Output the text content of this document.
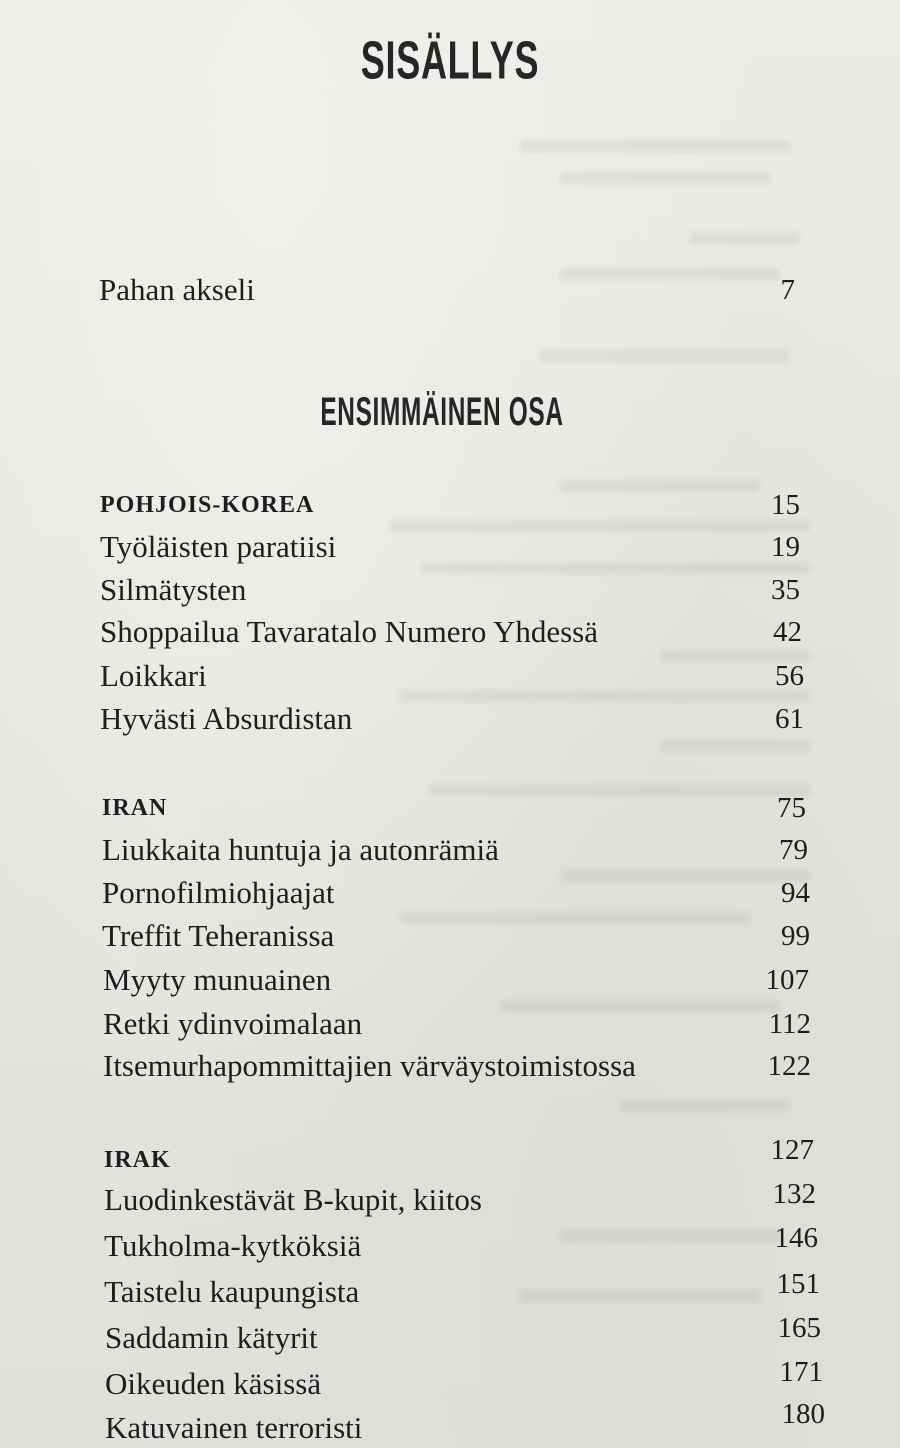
SISÄLLYS
Pahan akseli	7
ENSIMMÄINEN OSA
POHJOIS-KOREA	15
Työläisten paratiisi	19
Silmätysten	35
Shoppailua Tavaratalo Numero Yhdessä	42
Loikkari	56
Hyvästi Absurdistan	61
IRAN	75
Liukkaita huntuja ja autonrämiä	79
Pornofilmiohjaajat	94
Treffit Teheranissa	99
Myyty munuainen	107
Retki ydinvoimalaan	112
Itsemurhapommittajien värväystoimistossa	122
IRAK	127
Luodinkestävät B-kupit, kiitos	132
Tukholma-kytköksiä	146
Taistelu kaupungista	151
Saddamin kätyrit	165
Oikeuden käsissä	171
Katuvainen terroristi	180
